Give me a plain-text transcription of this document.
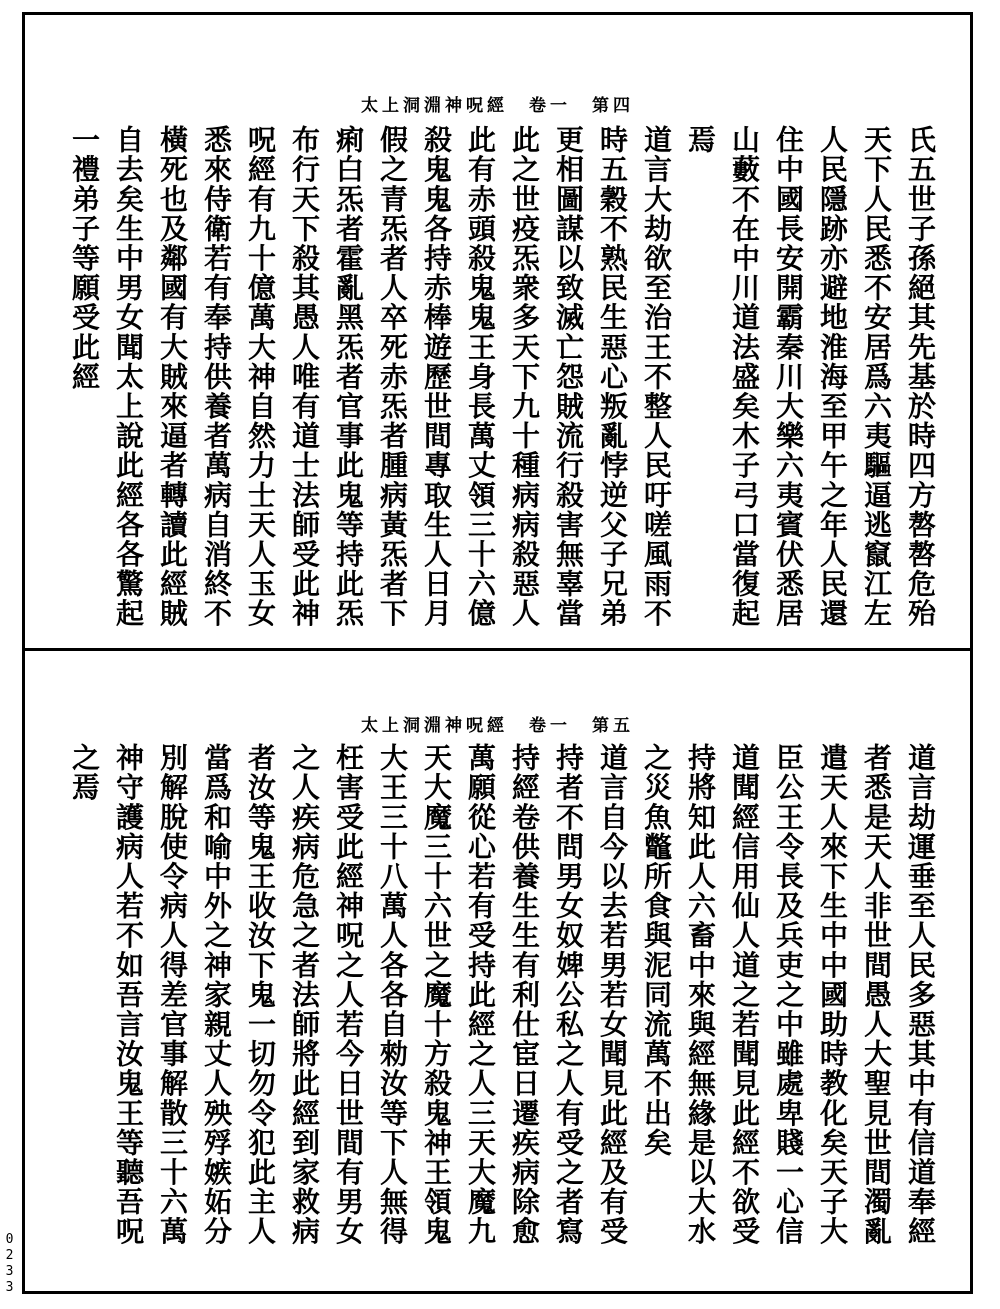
太上洞淵神呪經　卷一　第四
氏五世子孫絕其先基於時四方嗸嗸危殆
天下人民悉不安居爲六夷驅逼逃竄江左
人民隱跡亦避地淮海至甲午之年人民還
住中國長安開霸秦川大樂六夷賓伏悉居
山藪不在中川道法盛矣木子弓口當復起
焉
道言大劫欲至治王不整人民吁嗟風雨不
時五穀不熟民生惡心叛亂悖逆父子兄弟
更相圖謀以致滅亡怨賊流行殺害無辜當
此之世疫炁衆多天下九十種病病殺惡人
此有赤頭殺鬼鬼王身長萬丈領三十六億
殺鬼鬼各持赤棒遊歷世間專取生人日月
假之青炁者人卒死赤炁者腫病黃炁者下
痢白炁者霍亂黑炁者官事此鬼等持此炁
布行天下殺其愚人唯有道士法師受此神
呪經有九十億萬大神自然力士天人玉女
悉來侍衛若有奉持供養者萬病自消終不
橫死也及鄰國有大賊來逼者轉讀此經賊
自去矣生中男女聞太上說此經各各驚起
一禮弟子等願受此經
太上洞淵神呪經　卷一　第五
道言劫運垂至人民多惡其中有信道奉經
者悉是天人非世間愚人大聖見世間濁亂
遣天人來下生中中國助時教化矣天子大
臣公王令長及兵吏之中雖處卑賤一心信
道聞經信用仙人道之若聞見此經不欲受
持將知此人六畜中來與經無緣是以大水
之災魚鼈所食與泥同流萬不出矣
道言自今以去若男若女聞見此經及有受
持者不問男女奴婢公私之人有受之者寫
持經卷供養生生有利仕宦日遷疾病除愈
萬願從心若有受持此經之人三天大魔九
天大魔三十六世之魔十方殺鬼神王領鬼
大王三十八萬人各各自勑汝等下人無得
枉害受此經神呪之人若今日世間有男女
之人疾病危急之者法師將此經到家救病
者汝等鬼王收汝下鬼一切勿令犯此主人
當爲和喻中外之神家親丈人殃殍嫉妬分
別解脫使令病人得差官事解散三十六萬
神守護病人若不如吾言汝鬼王等聽吾呪
之焉
0233
